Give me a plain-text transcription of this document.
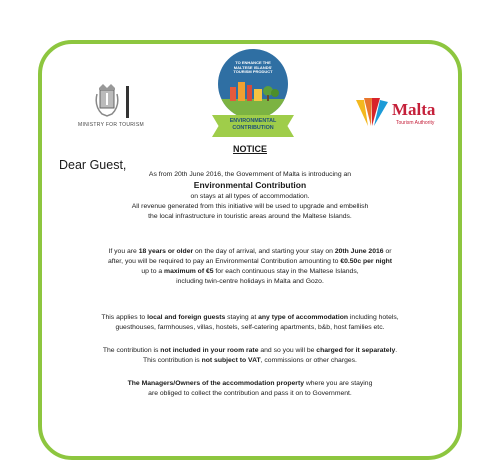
MINISTRY FOR TOURISM
TO ENHANCE THE MALTESE ISLANDS' TOURISM PRODUCT
ENVIRONMENTAL
CONTRIBUTION
Malta
Tourism Authority
NOTICE
Dear Guest,

As from 20th June 2016, the Government of Malta is introducing an
Environmental Contribution
on stays at all types of accommodation.
All revenue generated from this initiative will be used to upgrade and embellish
the local infrastructure in touristic areas around the Maltese Islands.

If you are 18 years or older on the day of arrival, and starting your stay on 20th June 2016 or
after, you will be required to pay an Environmental Contribution amounting to €0.50c per night
up to a maximum of €5 for each continuous stay in the Maltese Islands,
including twin-centre holidays in Malta and Gozo.

This applies to local and foreign guests staying at any type of accommodation including hotels,
guesthouses, farmhouses, villas, hostels, self-catering apartments, b&b, host families etc.

The contribution is not included in your room rate and so you will be charged for it separately.
This contribution is not subject to VAT, commissions or other charges.

The Managers/Owners of the accommodation property where you are staying
are obliged to collect the contribution and pass it on to Government.
